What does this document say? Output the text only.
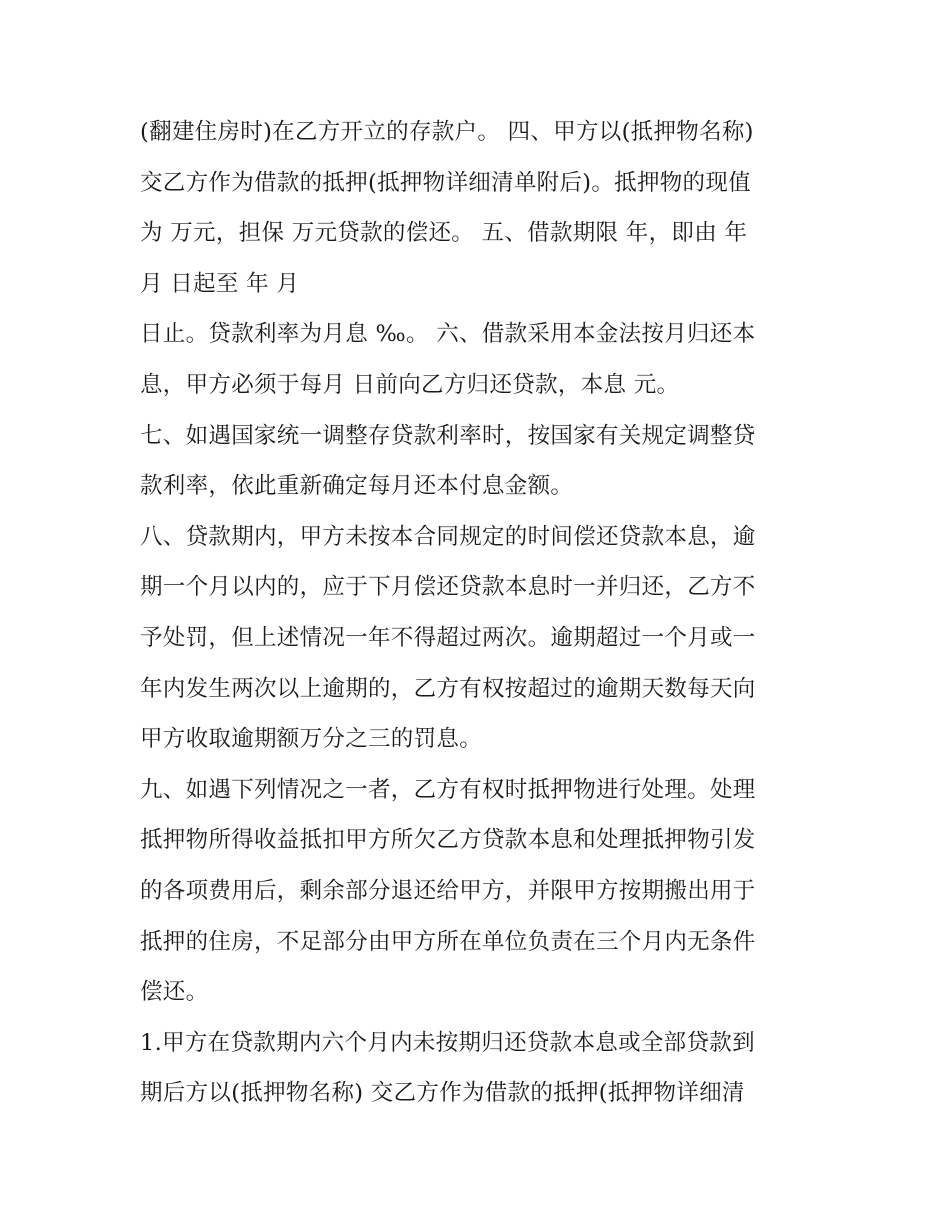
(翻建住房时)在乙方开立的存款户。 四、甲方以(抵押物名称)
交乙方作为借款的抵押(抵押物详细清单附后)。抵押物的现值
为 万元，担保 万元贷款的偿还。 五、借款期限 年，即由 年
月 日起至 年 月
日止。贷款利率为月息 ‰。 六、借款采用本金法按月归还本
息，甲方必须于每月 日前向乙方归还贷款，本息 元。
七、如遇国家统一调整存贷款利率时，按国家有关规定调整贷
款利率，依此重新确定每月还本付息金额。
八、贷款期内，甲方未按本合同规定的时间偿还贷款本息，逾
期一个月以内的，应于下月偿还贷款本息时一并归还，乙方不
予处罚，但上述情况一年不得超过两次。逾期超过一个月或一
年内发生两次以上逾期的，乙方有权按超过的逾期天数每天向
甲方收取逾期额万分之三的罚息。
九、如遇下列情况之一者，乙方有权时抵押物进行处理。处理
抵押物所得收益抵扣甲方所欠乙方贷款本息和处理抵押物引发
的各项费用后，剩余部分退还给甲方，并限甲方按期搬出用于
抵押的住房，不足部分由甲方所在单位负责在三个月内无条件
偿还。
1.甲方在贷款期内六个月内未按期归还贷款本息或全部贷款到
期后方以(抵押物名称) 交乙方作为借款的抵押(抵押物详细清
